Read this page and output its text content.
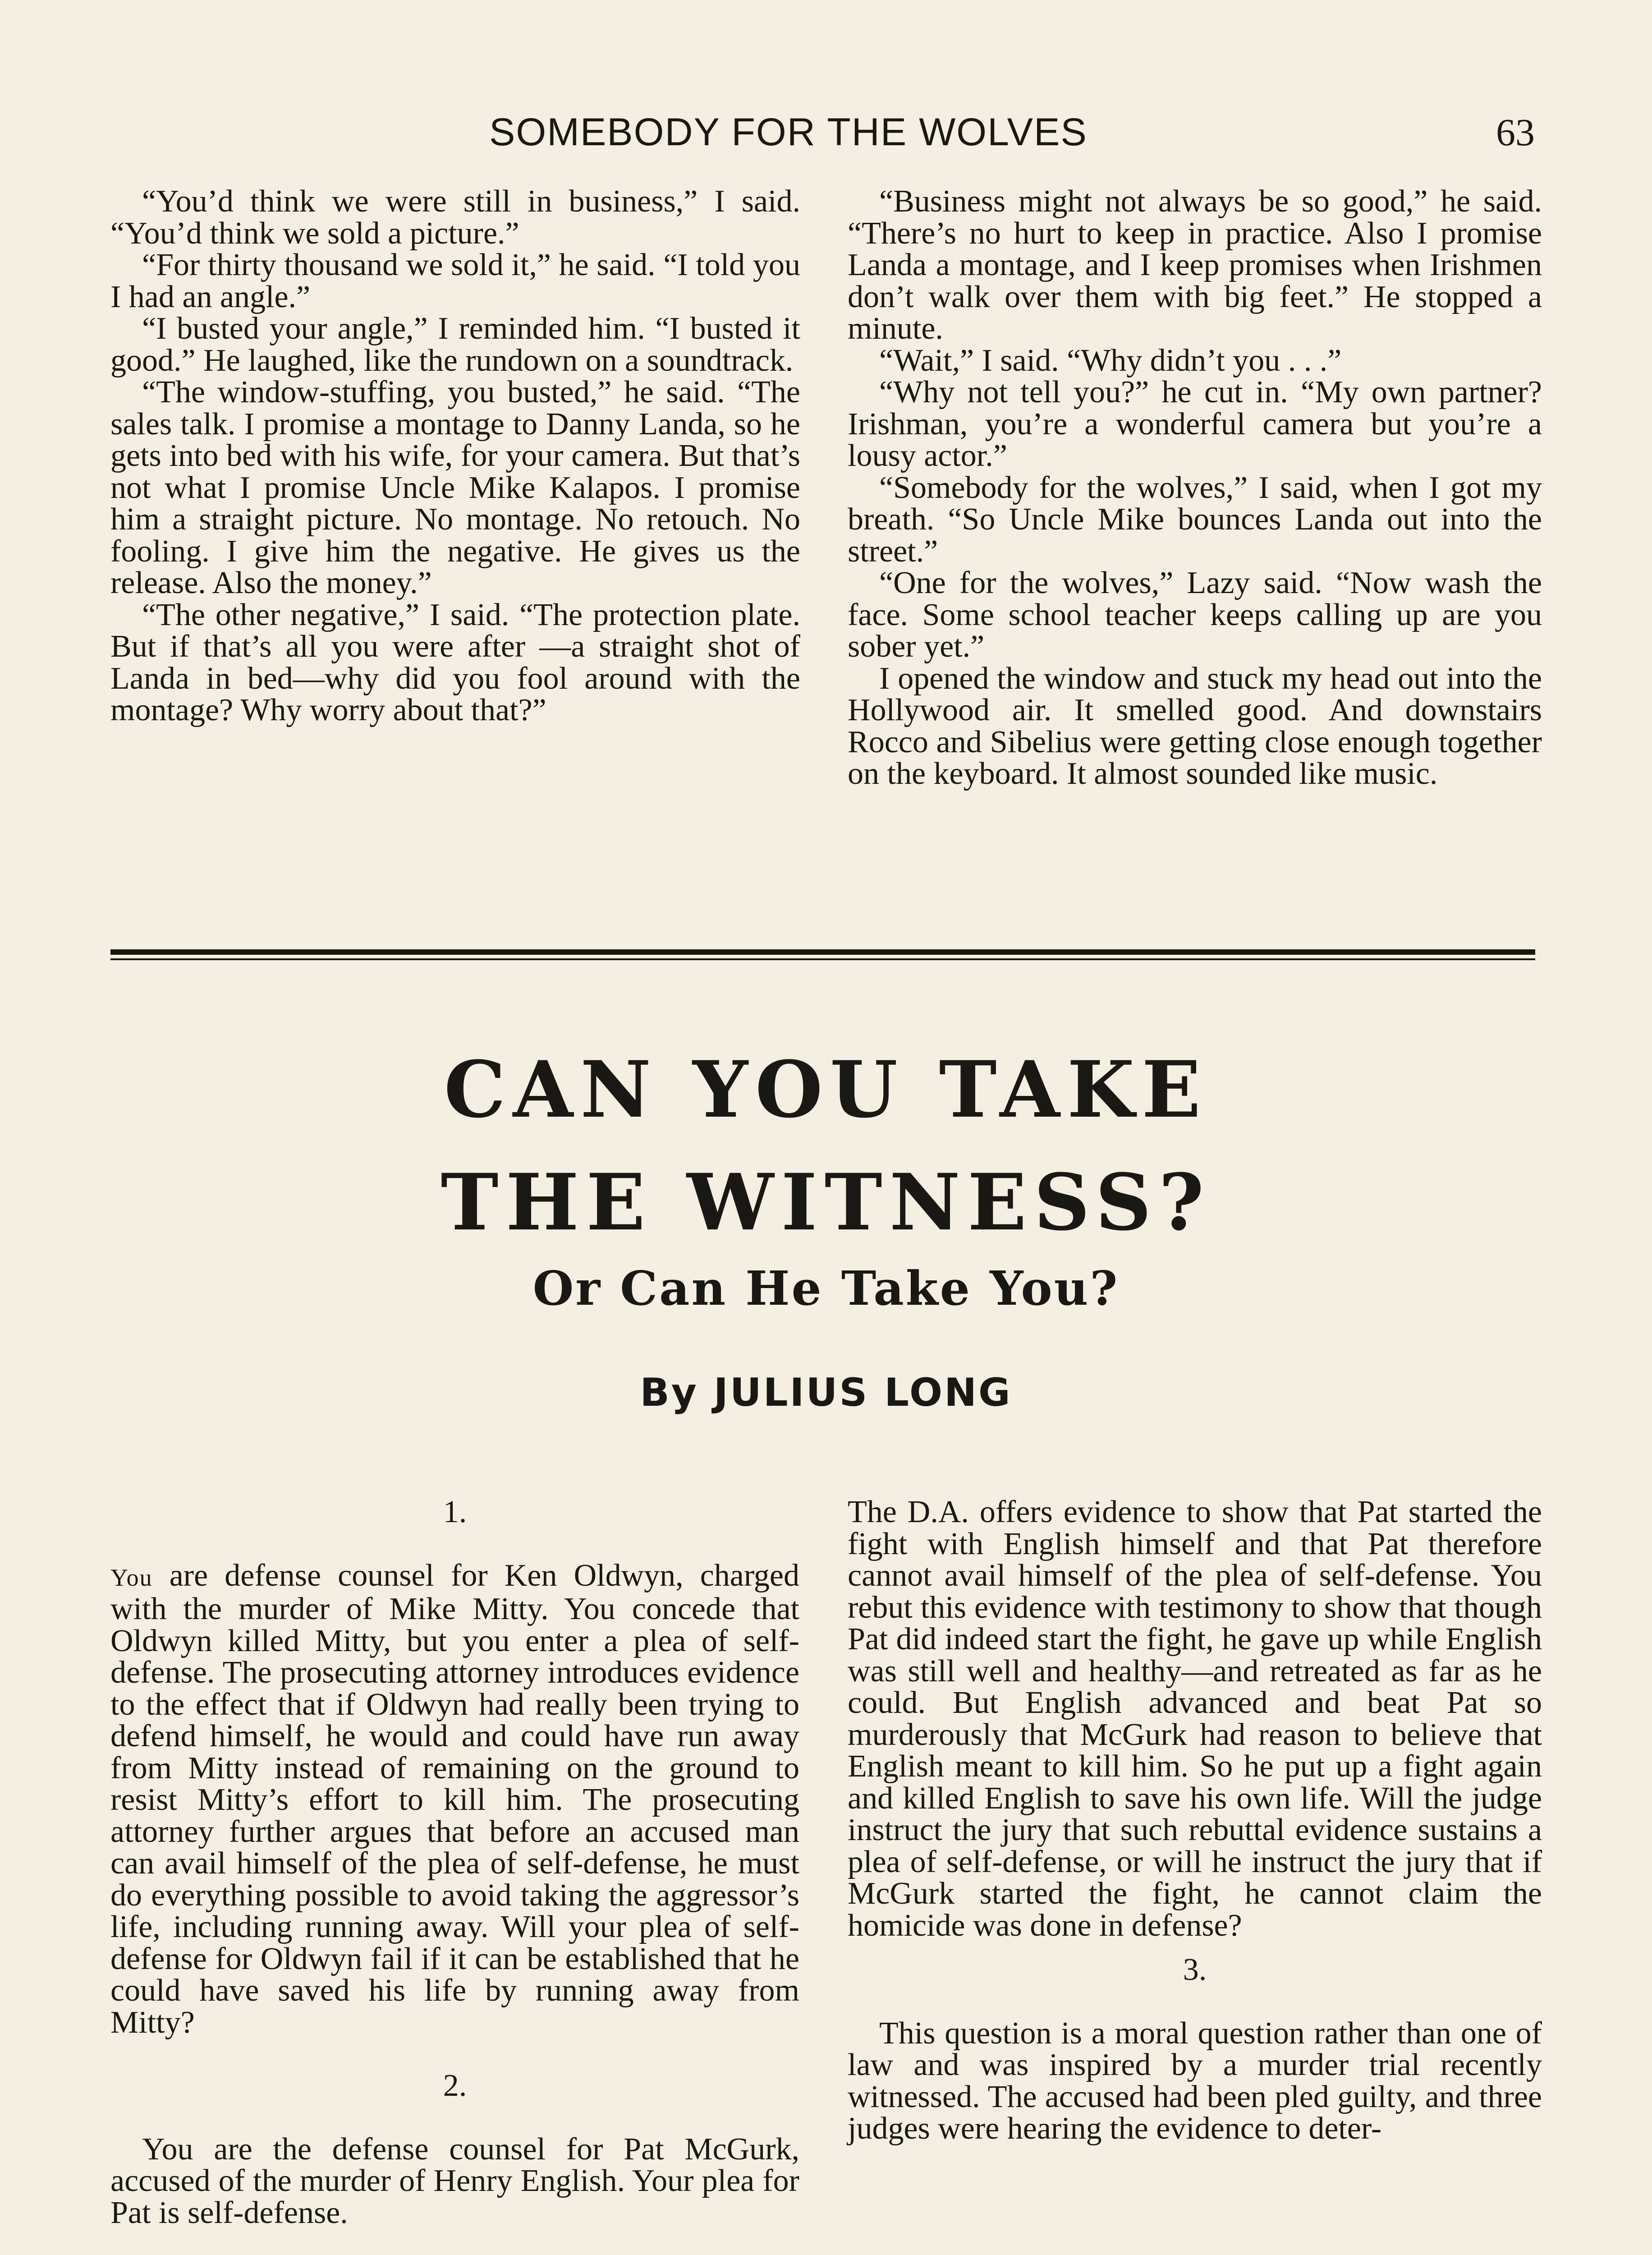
SOMEBODY FOR THE WOLVES	63

“You’d think we were still in business,” I said. “You’d think we sold a picture.”

“For thirty thousand we sold it,” he said. “I told you I had an angle.”

“I busted your angle,” I reminded him. “I busted it good.” He laughed, like the rundown on a soundtrack.

“The window-stuffing, you busted,” he said. “The sales talk. I promise a montage to Danny Landa, so he gets into bed with his wife, for your camera. But that’s not what I promise Uncle Mike Kalapos. I promise him a straight picture. No montage. No retouch. No fooling. I give him the negative. He gives us the release. Also the money.”

“The other negative,” I said. “The protection plate. But if that’s all you were after —a straight shot of Landa in bed—why did you fool around with the montage? Why worry about that?”

“Business might not always be so good,” he said. “There’s no hurt to keep in practice. Also I promise Landa a montage, and I keep promises when Irishmen don’t walk over them with big feet.” He stopped a minute.

“Wait,” I said. “Why didn’t you . . .”

“Why not tell you?” he cut in. “My own partner? Irishman, you’re a wonderful camera but you’re a lousy actor.”

“Somebody for the wolves,” I said, when I got my breath. “So Uncle Mike bounces Landa out into the street.”

“One for the wolves,” Lazy said. “Now wash the face. Some school teacher keeps calling up are you sober yet.”

I opened the window and stuck my head out into the Hollywood air. It smelled good. And downstairs Rocco and Sibelius were getting close enough together on the keyboard. It almost sounded like music.

CAN YOU TAKE
THE WITNESS?
Or Can He Take You?
By JULIUS LONG

1.

You are defense counsel for Ken Oldwyn, charged with the murder of Mike Mitty. You concede that Oldwyn killed Mitty, but you enter a plea of self-defense. The prosecuting attorney introduces evidence to the effect that if Oldwyn had really been trying to defend himself, he would and could have run away from Mitty instead of remaining on the ground to resist Mitty’s effort to kill him. The prosecuting attorney further argues that before an accused man can avail himself of the plea of self-defense, he must do everything possible to avoid taking the aggressor’s life, including running away. Will your plea of self-defense for Oldwyn fail if it can be established that he could have saved his life by running away from Mitty?

2.

You are the defense counsel for Pat McGurk, accused of the murder of Henry English. Your plea for Pat is self-defense.

The D.A. offers evidence to show that Pat started the fight with English himself and that Pat therefore cannot avail himself of the plea of self-defense. You rebut this evidence with testimony to show that though Pat did indeed start the fight, he gave up while English was still well and healthy—and retreated as far as he could. But English advanced and beat Pat so murderously that McGurk had reason to believe that English meant to kill him. So he put up a fight again and killed English to save his own life. Will the judge instruct the jury that such rebuttal evidence sustains a plea of self-defense, or will he instruct the jury that if McGurk started the fight, he cannot claim the homicide was done in defense?

3.

This question is a moral question rather than one of law and was inspired by a murder trial recently witnessed. The accused had been pled guilty, and three judges were hearing the evidence to deter-
